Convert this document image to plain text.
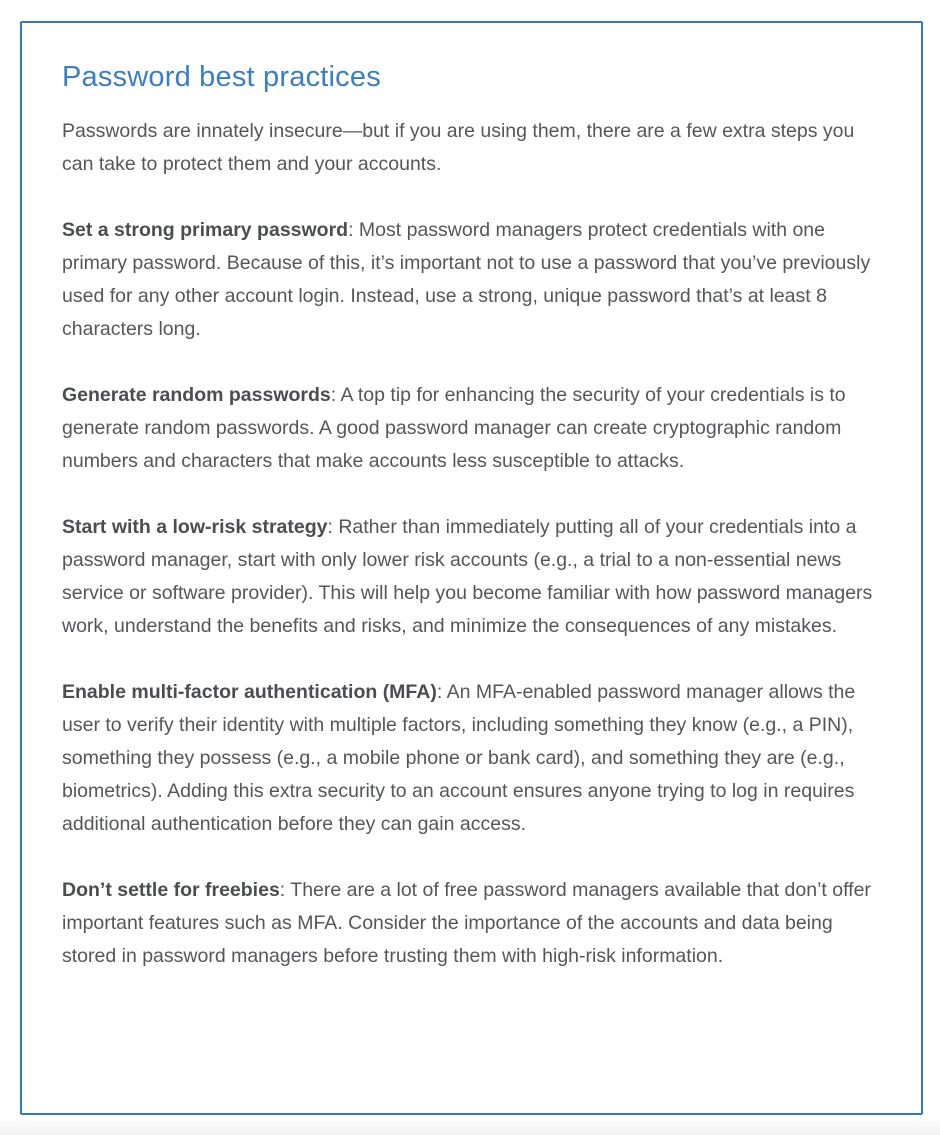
Password best practices

Passwords are innately insecure—but if you are using them, there are a few extra steps you can take to protect them and your accounts.

Set a strong primary password: Most password managers protect credentials with one primary password. Because of this, it’s important not to use a password that you’ve previously used for any other account login. Instead, use a strong, unique password that’s at least 8 characters long.

Generate random passwords: A top tip for enhancing the security of your credentials is to generate random passwords. A good password manager can create cryptographic random numbers and characters that make accounts less susceptible to attacks.

Start with a low-risk strategy: Rather than immediately putting all of your credentials into a password manager, start with only lower risk accounts (e.g., a trial to a non-essential news service or software provider). This will help you become familiar with how password managers work, understand the benefits and risks, and minimize the consequences of any mistakes.

Enable multi-factor authentication (MFA): An MFA-enabled password manager allows the user to verify their identity with multiple factors, including something they know (e.g., a PIN), something they possess (e.g., a mobile phone or bank card), and something they are (e.g., biometrics). Adding this extra security to an account ensures anyone trying to log in requires additional authentication before they can gain access.

Don’t settle for freebies: There are a lot of free password managers available that don’t offer important features such as MFA. Consider the importance of the accounts and data being stored in password managers before trusting them with high-risk information.
